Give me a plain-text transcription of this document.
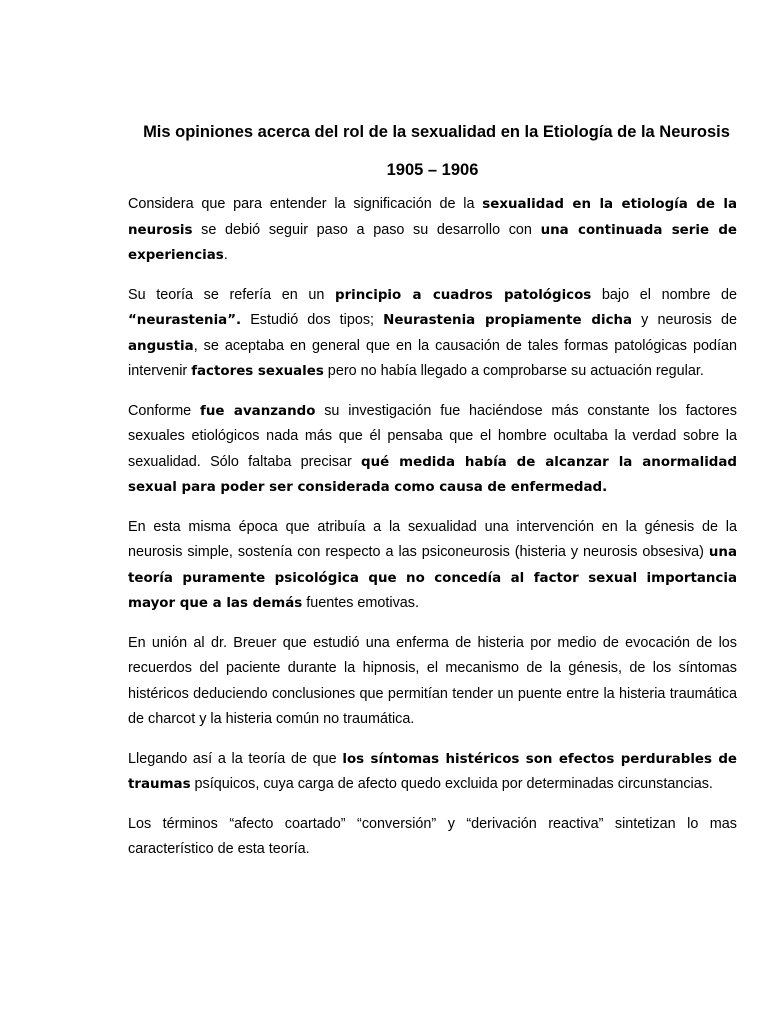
Mis opiniones acerca del rol de la sexualidad en la Etiología de la Neurosis
1905 – 1906

Considera que para entender la significación de la sexualidad en la etiología de la neurosis se debió seguir paso a paso su desarrollo con una continuada serie de experiencias.

Su teoría se refería en un principio a cuadros patológicos bajo el nombre de “neurastenia”. Estudió dos tipos; Neurastenia propiamente dicha y neurosis de angustia, se aceptaba en general que en la causación de tales formas patológicas podían intervenir factores sexuales pero no había llegado a comprobarse su actuación regular.

Conforme fue avanzando su investigación fue haciéndose más constante los factores sexuales etiológicos nada más que él pensaba que el hombre ocultaba la verdad sobre la sexualidad. Sólo faltaba precisar qué medida había de alcanzar la anormalidad sexual para poder ser considerada como causa de enfermedad.

En esta misma época que atribuía a la sexualidad una intervención en la génesis de la neurosis simple, sostenía con respecto a las psiconeurosis (histeria y neurosis obsesiva) una teoría puramente psicológica que no concedía al factor sexual importancia mayor que a las demás fuentes emotivas.

En unión al dr. Breuer que estudió una enferma de histeria por medio de evocación de los recuerdos del paciente durante la hipnosis, el mecanismo de la génesis, de los síntomas histéricos deduciendo conclusiones que permitían tender un puente entre la histeria traumática de charcot y la histeria común no traumática.

Llegando así a la teoría de que los síntomas histéricos son efectos perdurables de traumas psíquicos, cuya carga de afecto quedo excluida por determinadas circunstancias.

Los términos “afecto coartado” “conversión” y “derivación reactiva” sintetizan lo mas característico de esta teoría.
